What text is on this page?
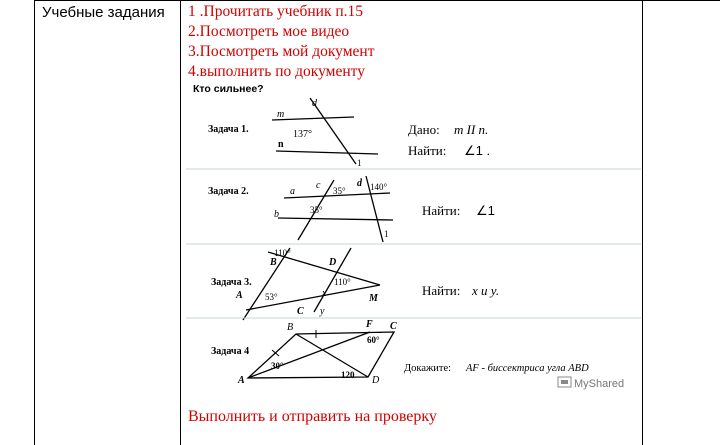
Учебные задания 1 .Прочитать учебник п.15
2.Посмотреть мое видео
3.Посмотреть мой документ
4.выполнить по документу
Кто сильнее?
Задача 1.
m
n
d
137°
1
Дано: m II n.
Найти: ∠1 .
Задача 2.	a
b
c	d
35°	140°
35°
1
Найти: ∠1
Задача 3.
110°
B	D
110°
A 53°	x	M
C y
Найти: x и y.
Задача 4
B	F C
60°
30°
120
A	D
Докажите: AF - биссектриса угла ABD
MyShared
Выполнить и отправить на проверку
